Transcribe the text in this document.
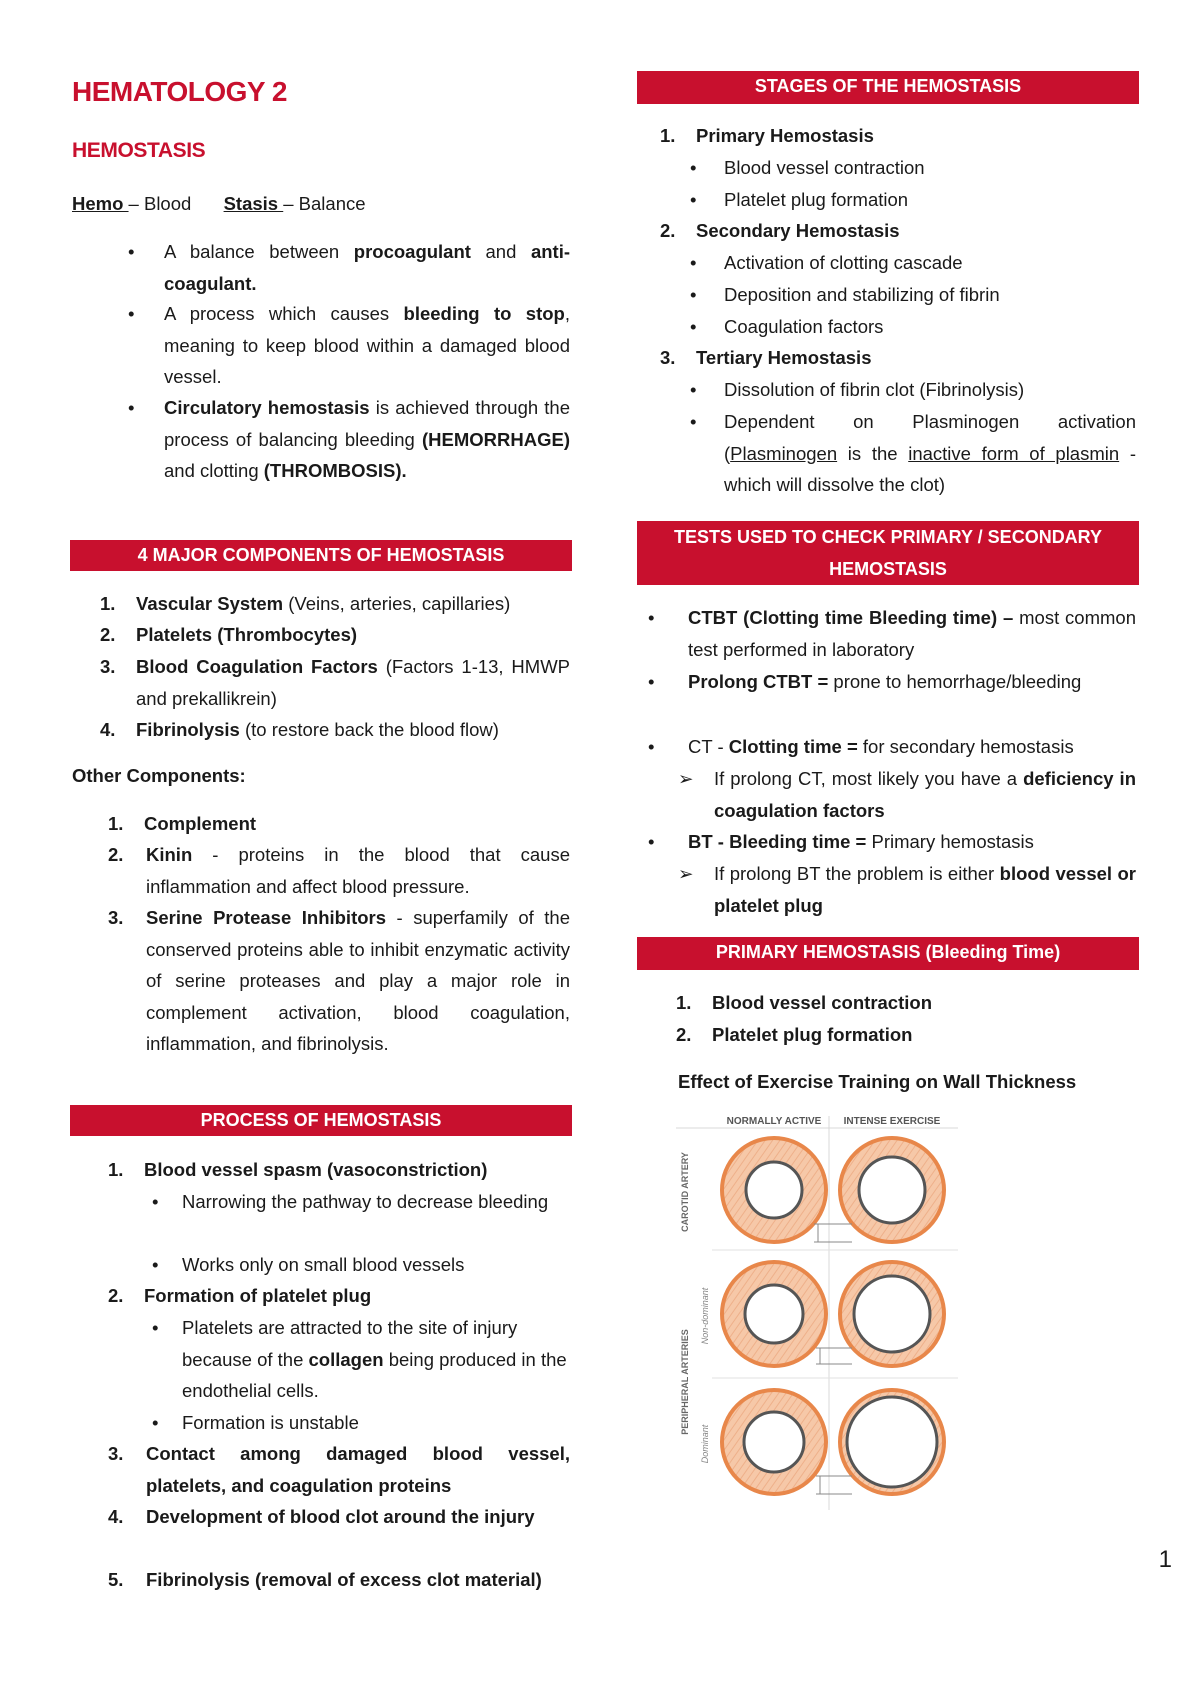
HEMATOLOGY 2
HEMOSTASIS
Hemo – Blood Stasis – Balance
• A balance between procoagulant and anti-coagulant.
• A process which causes bleeding to stop, meaning to keep blood within a damaged blood vessel.
• Circulatory hemostasis is achieved through the process of balancing bleeding (HEMORRHAGE) and clotting (THROMBOSIS).
4 MAJOR COMPONENTS OF HEMOSTASIS
1. Vascular System (Veins, arteries, capillaries)
2. Platelets (Thrombocytes)
3. Blood Coagulation Factors (Factors 1-13, HMWP and prekallikrein)
4. Fibrinolysis (to restore back the blood flow)
Other Components:
1. Complement
2. Kinin - proteins in the blood that cause inflammation and affect blood pressure.
3. Serine Protease Inhibitors - superfamily of the conserved proteins able to inhibit enzymatic activity of serine proteases and play a major role in complement activation, blood coagulation, inflammation, and fibrinolysis.
PROCESS OF HEMOSTASIS
1. Blood vessel spasm (vasoconstriction)
• Narrowing the pathway to decrease bleeding
• Works only on small blood vessels
2. Formation of platelet plug
• Platelets are attracted to the site of injury because of the collagen being produced in the endothelial cells.
• Formation is unstable
3. Contact among damaged blood vessel, platelets, and coagulation proteins
4. Development of blood clot around the injury
5. Fibrinolysis (removal of excess clot material)
STAGES OF THE HEMOSTASIS
1. Primary Hemostasis
• Blood vessel contraction
• Platelet plug formation
2. Secondary Hemostasis
• Activation of clotting cascade
• Deposition and stabilizing of fibrin
• Coagulation factors
3. Tertiary Hemostasis
• Dissolution of fibrin clot (Fibrinolysis)
• Dependent on Plasminogen activation (Plasminogen is the inactive form of plasmin - which will dissolve the clot)
TESTS USED TO CHECK PRIMARY / SECONDARY HEMOSTASIS
• CTBT (Clotting time Bleeding time) – most common test performed in laboratory
• Prolong CTBT = prone to hemorrhage/bleeding
• CT - Clotting time = for secondary hemostasis
➢ If prolong CT, most likely you have a deficiency in coagulation factors
• BT - Bleeding time = Primary hemostasis
➢ If prolong BT the problem is either blood vessel or platelet plug
PRIMARY HEMOSTASIS (Bleeding Time)
1. Blood vessel contraction
2. Platelet plug formation
Effect of Exercise Training on Wall Thickness
NORMALLY ACTIVE INTENSE EXERCISE
CAROTID ARTERY
PERIPHERAL ARTERIES
Non-dominant
Dominant
1
